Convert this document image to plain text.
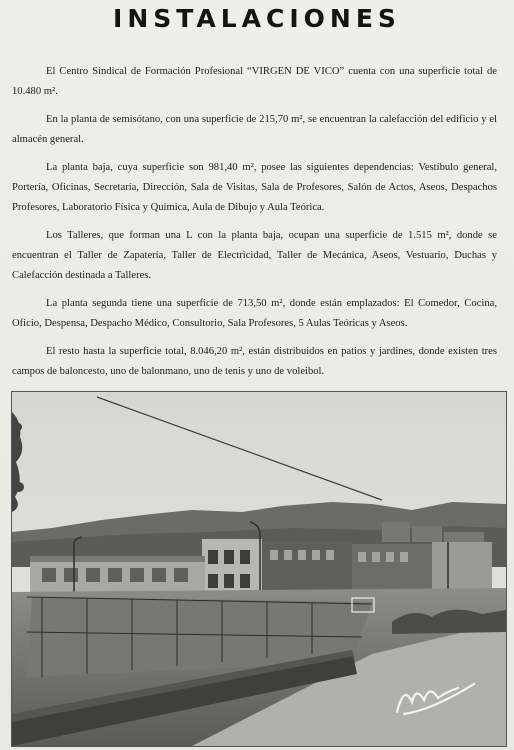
INSTALACIONES

El Centro Sindical de Formación Profesional “VIRGEN DE VICO” cuenta con una superficie total de 10.480 m².

En la planta de semisótano, con una superficie de 215,70 m², se encuentran la calefacción del edificio y el almacén general.

La planta baja, cuya superficie son 981,40 m², posee las siguientes dependencias: Vestíbulo general, Portería, Oficinas, Secretaría, Dirección, Sala de Visitas, Sala de Profesores, Salón de Actos, Aseos, Despachos Profesores, Laboratorio Física y Química, Aula de Dibujo y Aula Teórica.

Los Talleres, que forman una L con la planta baja, ocupan una superficie de 1.515 m², donde se encuentran el Taller de Zapatería, Taller de Electricidad, Taller de Mecánica, Aseos, Vestuario, Duchas y Calefacción destinada a Talleres.

La planta segunda tiene una superficie de 713,50 m², donde están emplazados: El Comedor, Cocina, Oficio, Despensa, Despacho Médico, Consultorio, Sala Profesores, 5 Aulas Teóricas y Aseos.

El resto hasta la superficie total, 8.046,20 m², están distribuidos en patios y jardines, donde existen tres campos de baloncesto, uno de balonmano, uno de tenis y uno de voleibol.
